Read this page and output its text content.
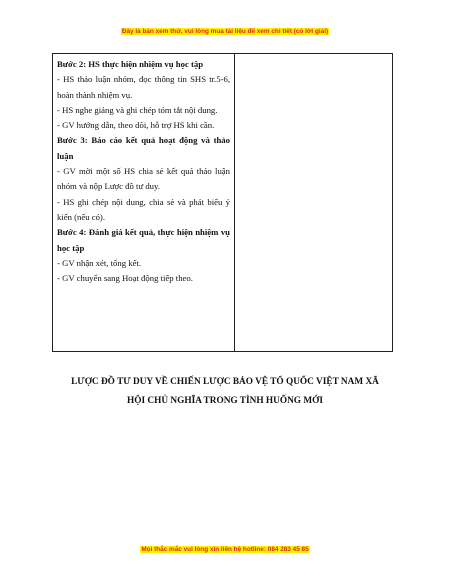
Đây là bản xem thử, vui lòng mua tài liệu để xem chi tiết (có lời giải)

Bước 2: HS thực hiện nhiệm vụ học tập

- HS thảo luận nhóm, đọc thông tin SHS tr.5-6, hoàn thành nhiệm vụ.

- HS nghe giảng và ghi chép tóm tắt nội dung.

- GV hướng dẫn, theo dõi, hỗ trợ HS khi cần.

Bước 3: Báo cáo kết quả hoạt động và thảo luận

- GV mời một số HS chia sẻ kết quả thảo luận nhóm và nộp Lược đồ tư duy.

- HS ghi chép nội dung, chia sẻ và phát biểu ý kiến (nếu có).

Bước 4: Đánh giá kết quả, thực hiện nhiệm vụ học tập

- GV nhận xét, tổng kết.

- GV chuyển sang Hoạt động tiếp theo.

LƯỢC ĐỒ TƯ DUY VỀ CHIẾN LƯỢC BẢO VỆ TỔ QUỐC VIỆT NAM XÃ
HỘI CHỦ NGHĨA TRONG TÌNH HUỐNG MỚI
Mọi thắc mắc vui lòng xin liên hệ hotline: 084 283 45 85
